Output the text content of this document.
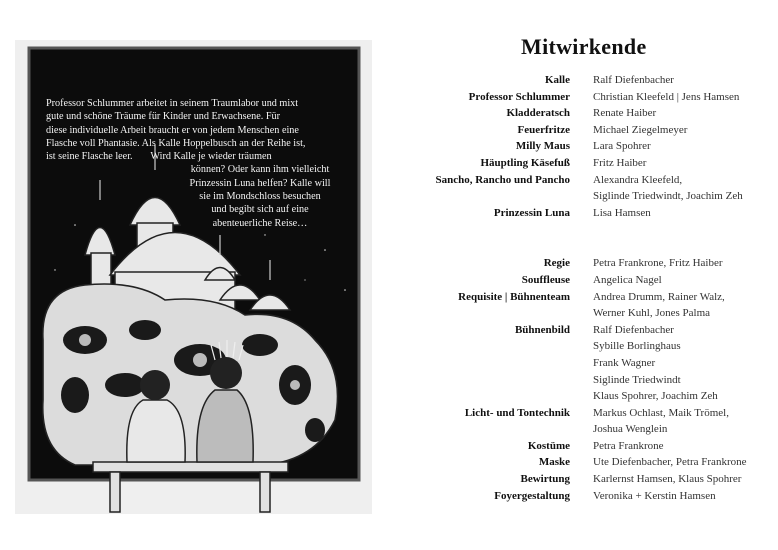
Professor Schlummer arbeitet in seinem Traumlabor und mixt

gute und schöne Träume für Kinder und Erwachsene. Für

diese individuelle Arbeit braucht er von jedem Menschen eine

Flasche voll Phantasie. Als Kalle Hoppelbusch an der Reihe ist,

ist seine Flasche leer. Wird Kalle je wieder träumen

können? Oder kann ihm vielleicht

Prinzessin Luna helfen? Kalle will

sie im Mondschloss besuchen

und begibt sich auf eine

abenteuerliche Reise…

Mitwirkende
Kalle Ralf Diefenbacher
Professor Schlummer Christian Kleefeld | Jens Hamsen
Kladderatsch Renate Haiber
Feuerfritze Michael Ziegelmeyer
Milly Maus Lara Spohrer
Häuptling Käsefuß Fritz Haiber
Sancho, Rancho und Pancho Alexandra Kleefeld,
Siglinde Triedwindt, Joachim Zeh
Prinzessin Luna Lisa Hamsen
Regie Petra Frankrone, Fritz Haiber
Souffleuse Angelica Nagel
Requisite | Bühnenteam Andrea Drumm, Rainer Walz,
Werner Kuhl, Jones Palma
Bühnenbild Ralf Diefenbacher
Sybille Borlinghaus
Frank Wagner
Siglinde Triedwindt
Klaus Spohrer, Joachim Zeh
Licht- und Tontechnik Markus Ochlast, Maik Trömel,
Joshua Wenglein
Kostüme Petra Frankrone
Maske Ute Diefenbacher, Petra Frankrone
Bewirtung Karlernst Hamsen, Klaus Spohrer
Foyergestaltung Veronika + Kerstin Hamsen
